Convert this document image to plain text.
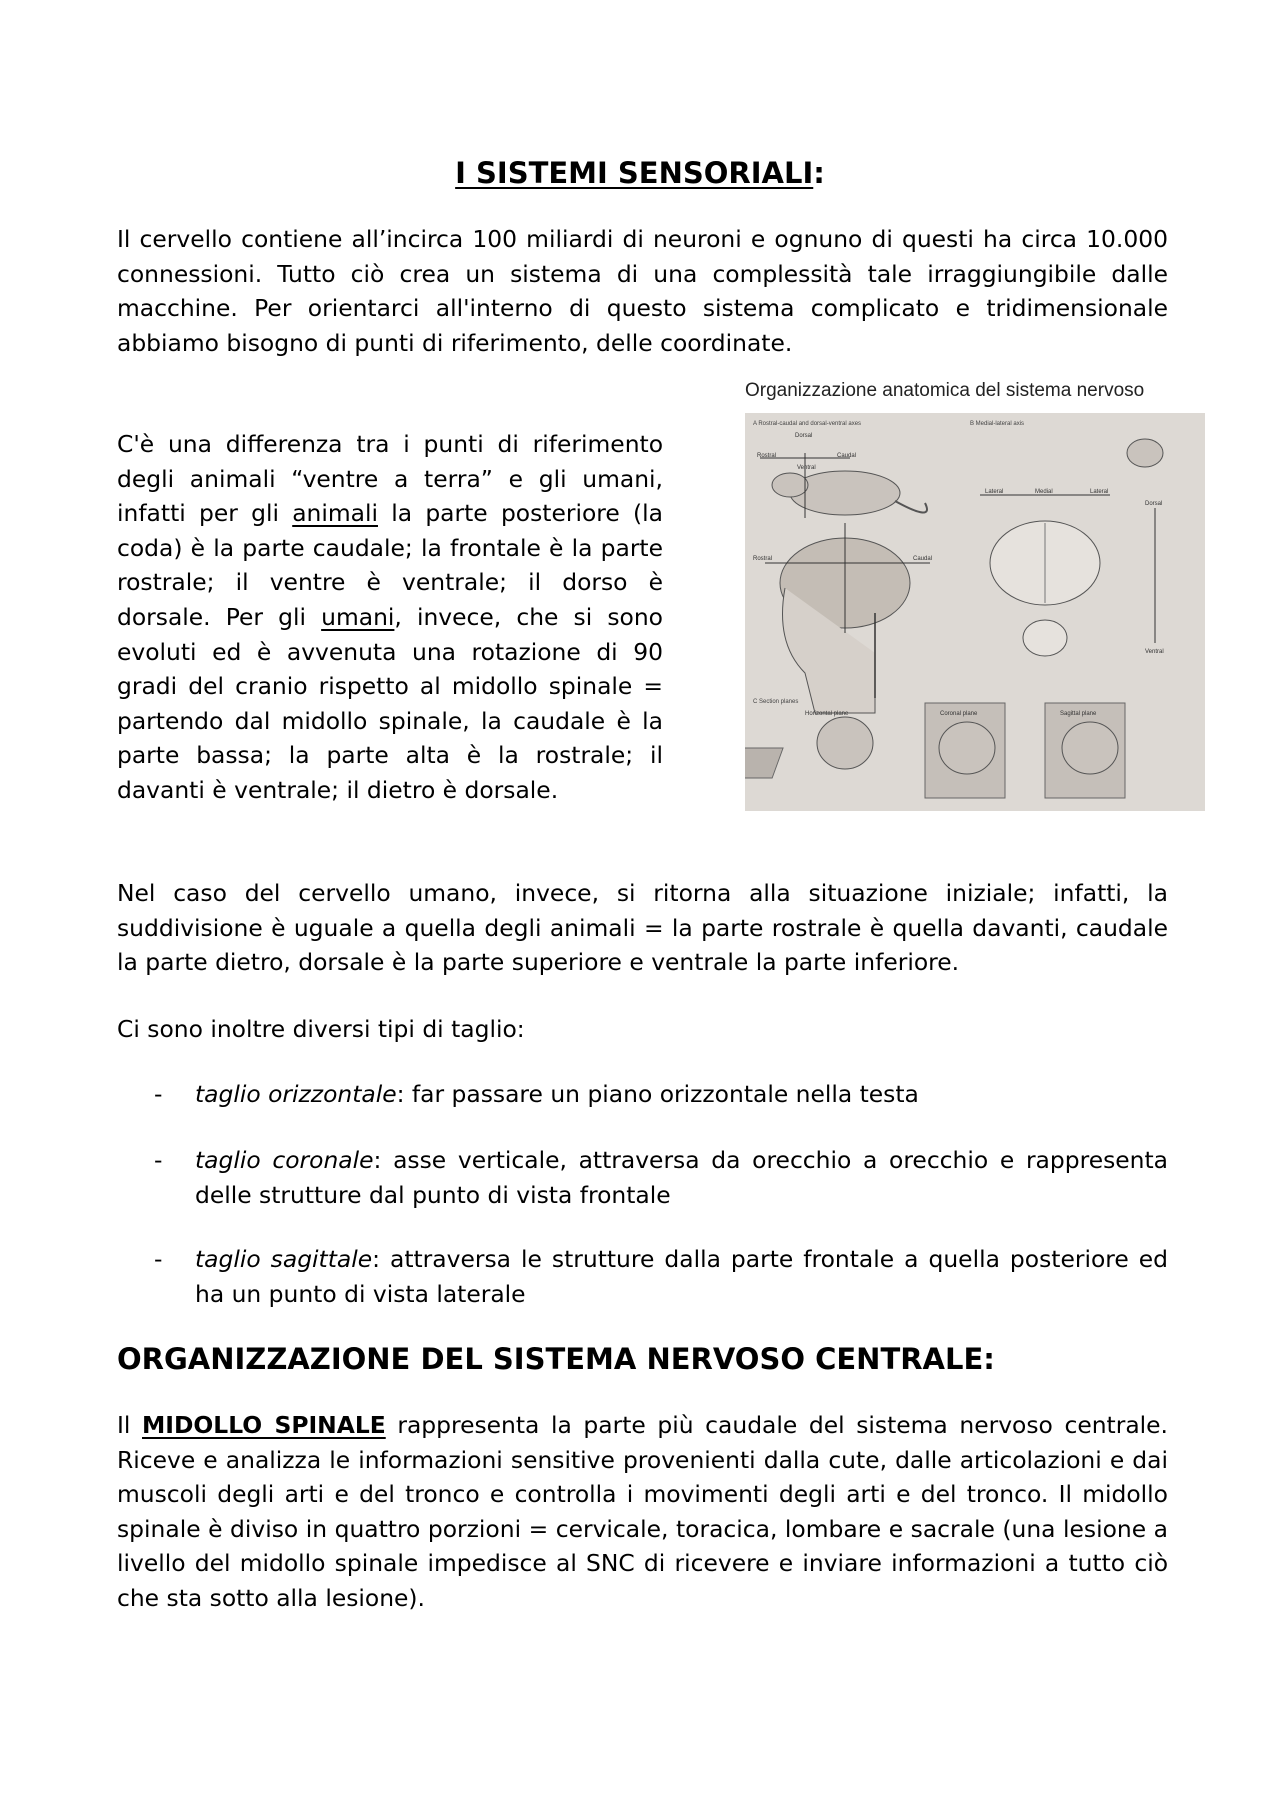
I SISTEMI SENSORIALI:

Il cervello contiene all’incirca 100 miliardi di neuroni e ognuno di questi ha circa 10.000 connessioni. Tutto ciò crea un sistema di una complessità tale irraggiungibile dalle macchine. Per orientarci all'interno di questo sistema complicato e tridimensionale abbiamo bisogno di punti di riferimento, delle coordinate.

C'è una differenza tra i punti di riferimento degli animali “ventre a terra” e gli umani, infatti per gli animali la parte posteriore (la coda) è la parte caudale; la frontale è la parte rostrale; il ventre è ventrale; il dorso è dorsale. Per gli umani, invece, che si sono evoluti ed è avvenuta una rotazione di 90 gradi del cranio rispetto al midollo spinale = partendo dal midollo spinale, la caudale è la parte bassa; la parte alta è la rostrale; il davanti è ventrale; il dietro è dorsale.

Organizzazione anatomica del sistema nervoso
A Rostral-caudal and dorsal-ventral axes	B Medial-lateral axis
Dorsal
Rostral	Caudal
Ventral
Rostral	Caudal
Lateral	Medial	Lateral
Dorsal
Ventral
C Section planes
Horizontal plane	Coronal plane	Sagittal plane

Nel caso del cervello umano, invece, si ritorna alla situazione iniziale; infatti, la suddivisione è uguale a quella degli animali = la parte rostrale è quella davanti, caudale la parte dietro, dorsale è la parte superiore e ventrale la parte inferiore.

Ci sono inoltre diversi tipi di taglio:

- taglio orizzontale: far passare un piano orizzontale nella testa
- taglio coronale: asse verticale, attraversa da orecchio a orecchio e rappresenta delle strutture dal punto di vista frontale
- taglio sagittale: attraversa le strutture dalla parte frontale a quella posteriore ed ha un punto di vista laterale
ORGANIZZAZIONE DEL SISTEMA NERVOSO CENTRALE:

Il MIDOLLO SPINALE rappresenta la parte più caudale del sistema nervoso centrale. Riceve e analizza le informazioni sensitive provenienti dalla cute, dalle articolazioni e dai muscoli degli arti e del tronco e controlla i movimenti degli arti e del tronco. Il midollo spinale è diviso in quattro porzioni = cervicale, toracica, lombare e sacrale (una lesione a livello del midollo spinale impedisce al SNC di ricevere e inviare informazioni a tutto ciò che sta sotto alla lesione).
